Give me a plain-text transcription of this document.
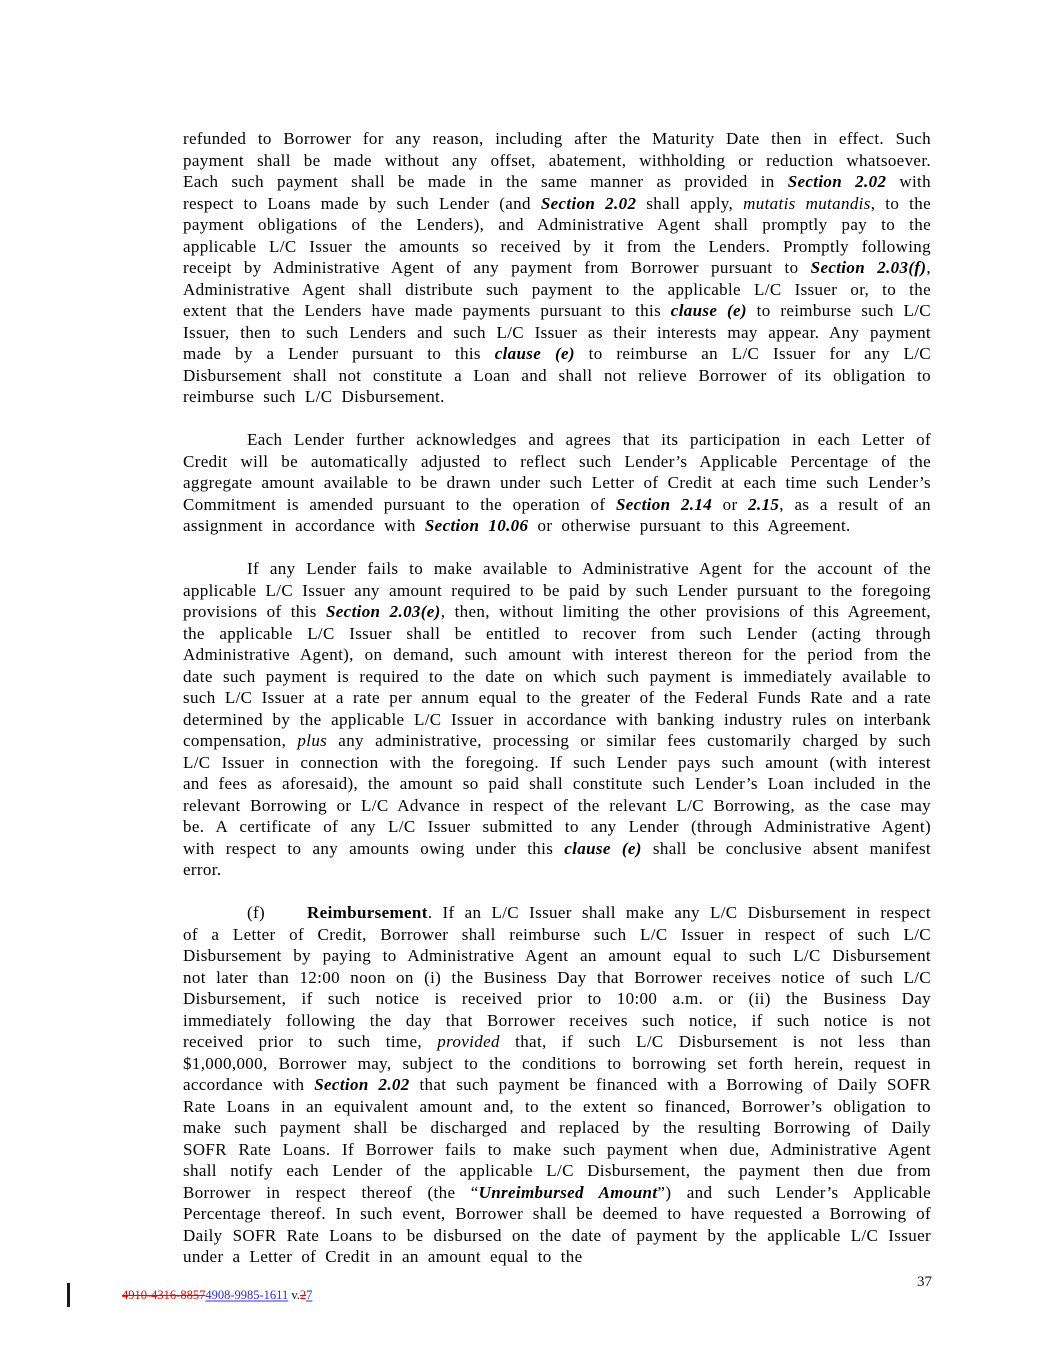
refunded to Borrower for any reason, including after the Maturity Date then in effect. Such payment shall be made without any offset, abatement, withholding or reduction whatsoever. Each such payment shall be made in the same manner as provided in Section 2.02 with respect to Loans made by such Lender (and Section 2.02 shall apply, mutatis mutandis, to the payment obligations of the Lenders), and Administrative Agent shall promptly pay to the applicable L/C Issuer the amounts so received by it from the Lenders. Promptly following receipt by Administrative Agent of any payment from Borrower pursuant to Section 2.03(f), Administrative Agent shall distribute such payment to the applicable L/C Issuer or, to the extent that the Lenders have made payments pursuant to this clause (e) to reimburse such L/C Issuer, then to such Lenders and such L/C Issuer as their interests may appear. Any payment made by a Lender pursuant to this clause (e) to reimburse an L/C Issuer for any L/C Disbursement shall not constitute a Loan and shall not relieve Borrower of its obligation to reimburse such L/C Disbursement.

Each Lender further acknowledges and agrees that its participation in each Letter of Credit will be automatically adjusted to reflect such Lender’s Applicable Percentage of the aggregate amount available to be drawn under such Letter of Credit at each time such Lender’s Commitment is amended pursuant to the operation of Section 2.14 or 2.15, as a result of an assignment in accordance with Section 10.06 or otherwise pursuant to this Agreement.

If any Lender fails to make available to Administrative Agent for the account of the applicable L/C Issuer any amount required to be paid by such Lender pursuant to the foregoing provisions of this Section 2.03(e), then, without limiting the other provisions of this Agreement, the applicable L/C Issuer shall be entitled to recover from such Lender (acting through Administrative Agent), on demand, such amount with interest thereon for the period from the date such payment is required to the date on which such payment is immediately available to such L/C Issuer at a rate per annum equal to the greater of the Federal Funds Rate and a rate determined by the applicable L/C Issuer in accordance with banking industry rules on interbank compensation, plus any administrative, processing or similar fees customarily charged by such L/C Issuer in connection with the foregoing. If such Lender pays such amount (with interest and fees as aforesaid), the amount so paid shall constitute such Lender’s Loan included in the relevant Borrowing or L/C Advance in respect of the relevant L/C Borrowing, as the case may be. A certificate of any L/C Issuer submitted to any Lender (through Administrative Agent) with respect to any amounts owing under this clause (e) shall be conclusive absent manifest error.

(f) Reimbursement. If an L/C Issuer shall make any L/C Disbursement in respect of a Letter of Credit, Borrower shall reimburse such L/C Issuer in respect of such L/C Disbursement by paying to Administrative Agent an amount equal to such L/C Disbursement not later than 12:00 noon on (i) the Business Day that Borrower receives notice of such L/C Disbursement, if such notice is received prior to 10:00 a.m. or (ii) the Business Day immediately following the day that Borrower receives such notice, if such notice is not received prior to such time, provided that, if such L/C Disbursement is not less than $1,000,000, Borrower may, subject to the conditions to borrowing set forth herein, request in accordance with Section 2.02 that such payment be financed with a Borrowing of Daily SOFR Rate Loans in an equivalent amount and, to the extent so financed, Borrower’s obligation to make such payment shall be discharged and replaced by the resulting Borrowing of Daily SOFR Rate Loans. If Borrower fails to make such payment when due, Administrative Agent shall notify each Lender of the applicable L/C Disbursement, the payment then due from Borrower in respect thereof (the “Unreimbursed Amount”) and such Lender’s Applicable Percentage thereof. In such event, Borrower shall be deemed to have requested a Borrowing of Daily SOFR Rate Loans to be disbursed on the date of payment by the applicable L/C Issuer under a Letter of Credit in an amount equal to the

4910-4316-88574908-9985-1611 v.27
37
